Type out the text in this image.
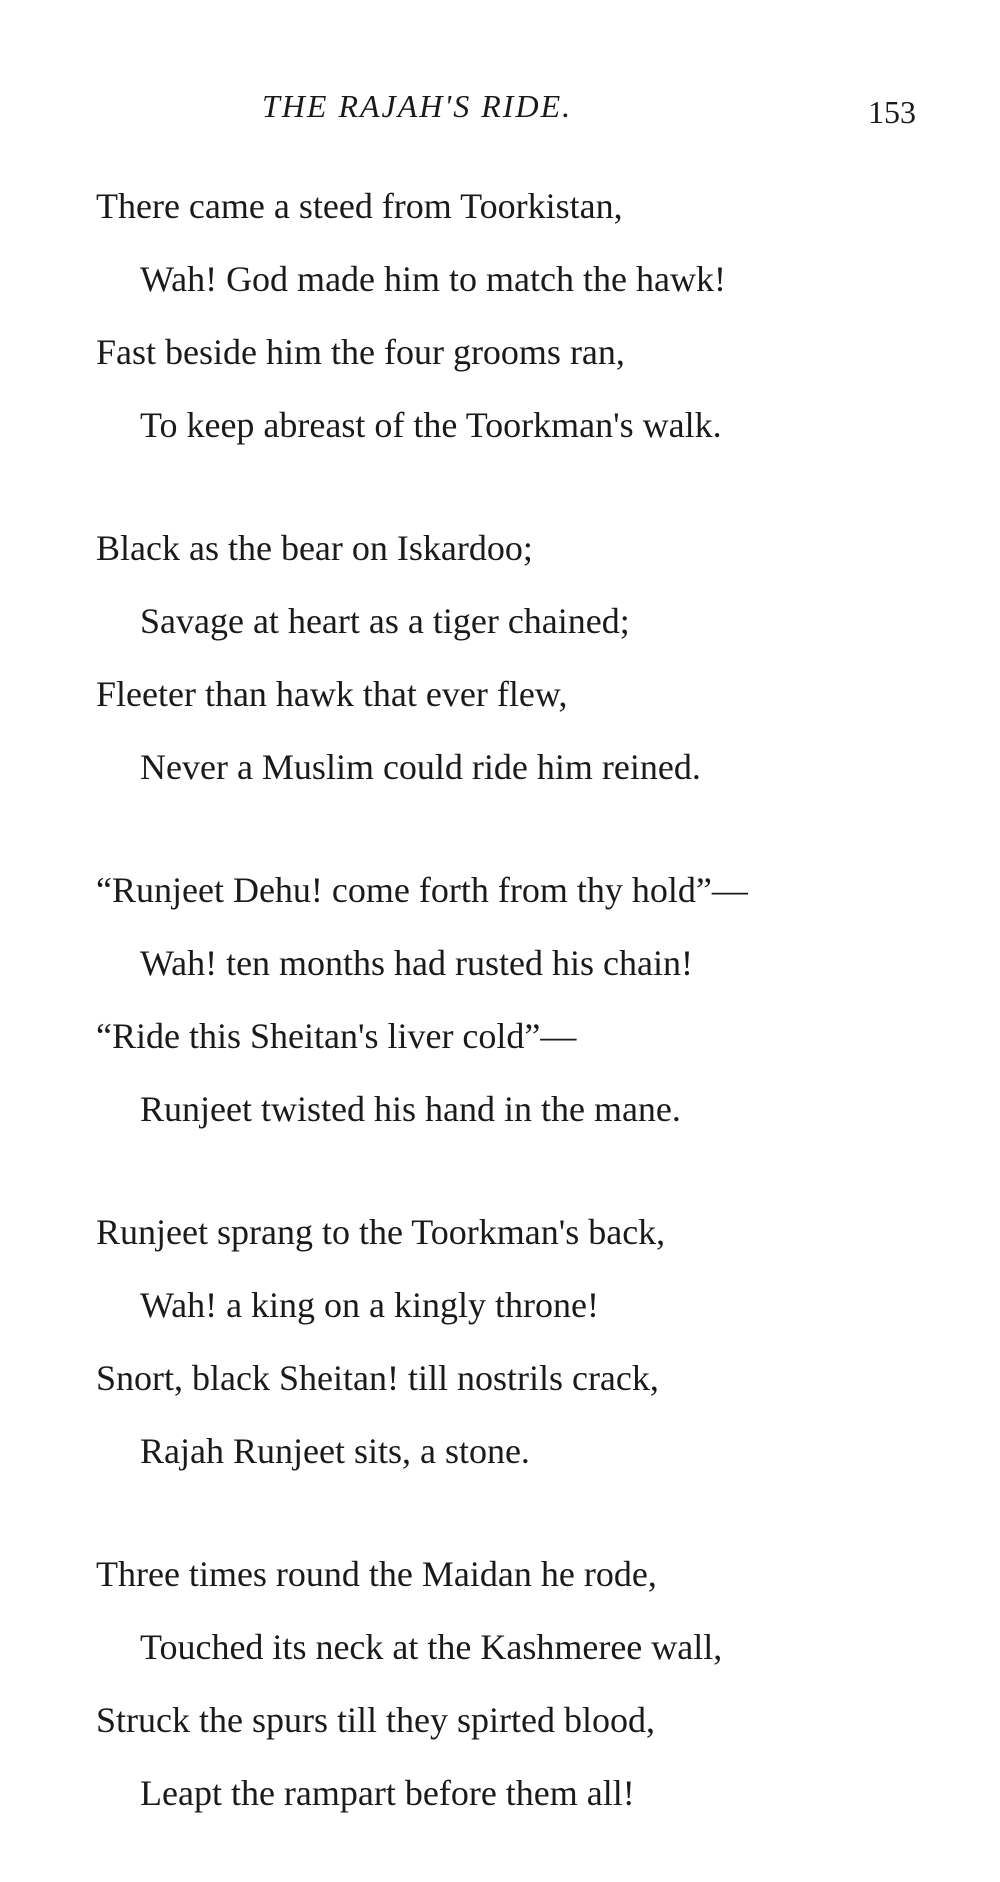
THE RAJAH'S RIDE.	153
There came a steed from Toorkistan,
Wah! God made him to match the hawk!
Fast beside him the four grooms ran,
To keep abreast of the Toorkman's walk.
Black as the bear on Iskardoo;
Savage at heart as a tiger chained;
Fleeter than hawk that ever flew,
Never a Muslim could ride him reined.
“Runjeet Dehu! come forth from thy hold”—
Wah! ten months had rusted his chain!
“Ride this Sheitan's liver cold”—
Runjeet twisted his hand in the mane.
Runjeet sprang to the Toorkman's back,
Wah! a king on a kingly throne!
Snort, black Sheitan! till nostrils crack,
Rajah Runjeet sits, a stone.
Three times round the Maidan he rode,
Touched its neck at the Kashmeree wall,
Struck the spurs till they spirted blood,
Leapt the rampart before them all!
